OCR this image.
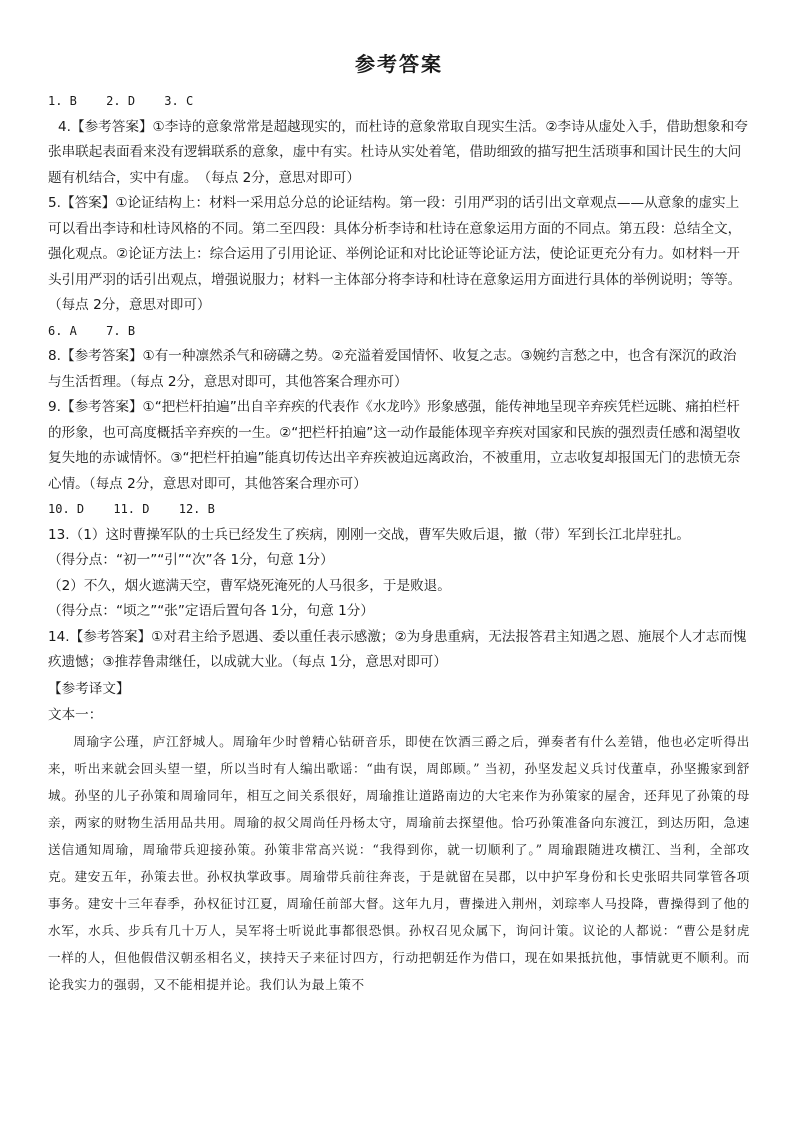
参考答案

1. B 2. D 3. C

4.【参考答案】①李诗的意象常常是超越现实的，而杜诗的意象常取自现实生活。②李诗从虚处入手，借助想象和夸张串联起表面看来没有逻辑联系的意象，虚中有实。杜诗从实处着笔，借助细致的描写把生活琐事和国计民生的大问题有机结合，实中有虚。　（每点 2分，意思对即可）

5.【答案】①论证结构上：材料一采用总分总的论证结构。第一段：引用严羽的话引出文章观点——从意象的虚实上可以看出李诗和杜诗风格的不同。第二至四段：具体分析李诗和杜诗在意象运用方面的不同点。第五段：总结全文，强化观点。②论证方法上：综合运用了引用论证、举例论证和对比论证等论证方法，使论证更充分有力。如材料一开头引用严羽的话引出观点，增强说服力；材料一主体部分将李诗和杜诗在意象运用方面进行具体的举例说明；等等。（每点 2分，意思对即可）

6. A 7. B

8.【参考答案】①有一种凛然杀气和磅礴之势。②充溢着爱国情怀、收复之志。③婉约言愁之中，也含有深沉的政治与生活哲理。（每点 2分，意思对即可，其他答案合理亦可）

9.【参考答案】①“把栏杆拍遍”出自辛弃疾的代表作《水龙吟》形象感强，能传神地呈现辛弃疾凭栏远眺、痛拍栏杆的形象，也可高度概括辛弃疾的一生。②“把栏杆拍遍”这一动作最能体现辛弃疾对国家和民族的强烈责任感和渴望收复失地的赤诚情怀。③“把栏杆拍遍”能真切传达出辛弃疾被迫远离政治，不被重用，立志收复却报国无门的悲愤无奈心情。（每点 2分，意思对即可，其他答案合理亦可）

10. D 11. D 12. B

13.（1）这时曹操军队的士兵已经发生了疾病，刚刚一交战，曹军失败后退，撤（带）军到长江北岸驻扎。

（得分点：“初一”“引”“次”各 1分，句意 1分）

（2）不久，烟火遮满天空，曹军烧死淹死的人马很多，于是败退。

（得分点：“顷之”“张”定语后置句各 1分，句意 1分）

14.【参考答案】①对君主给予恩遇、委以重任表示感激；②为身患重病，无法报答君主知遇之恩、施展个人才志而愧疚遗憾；③推荐鲁肃继任，以成就大业。（每点 1分，意思对即可）

【参考译文】

文本一：

周瑜字公瑾，庐江舒城人。周瑜年少时曾精心钻研音乐，即使在饮酒三爵之后，弹奏者有什么差错，他也必定听得出来，听出来就会回头望一望，所以当时有人编出歌谣：“曲有误，周郎顾。” 当初，孙坚发起义兵讨伐董卓，孙坚搬家到舒城。孙坚的儿子孙策和周瑜同年，相互之间关系很好，周瑜推让道路南边的大宅来作为孙策家的屋舍，还拜见了孙策的母亲，两家的财物生活用品共用。周瑜的叔父周尚任丹杨太守，周瑜前去探望他。恰巧孙策准备向东渡江，到达历阳，急速送信通知周瑜，周瑜带兵迎接孙策。孙策非常高兴说：“我得到你，就一切顺利了。” 周瑜跟随进攻横江、当利，全部攻克。建安五年，孙策去世。孙权执掌政事。周瑜带兵前往奔丧，于是就留在吴郡，以中护军身份和长史张昭共同掌管各项事务。建安十三年春季，孙权征讨江夏，周瑜任前部大督。这年九月，曹操进入荆州，刘琮率人马投降，曹操得到了他的水军，水兵、步兵有几十万人，吴军将士听说此事都很恐惧。孙权召见众属下，询问计策。议论的人都说：“曹公是豺虎一样的人，但他假借汉朝丞相名义，挟持天子来征讨四方，行动把朝廷作为借口，现在如果抵抗他，事情就更不顺利。而论我实力的强弱，又不能相提并论。我们认为最上策不
